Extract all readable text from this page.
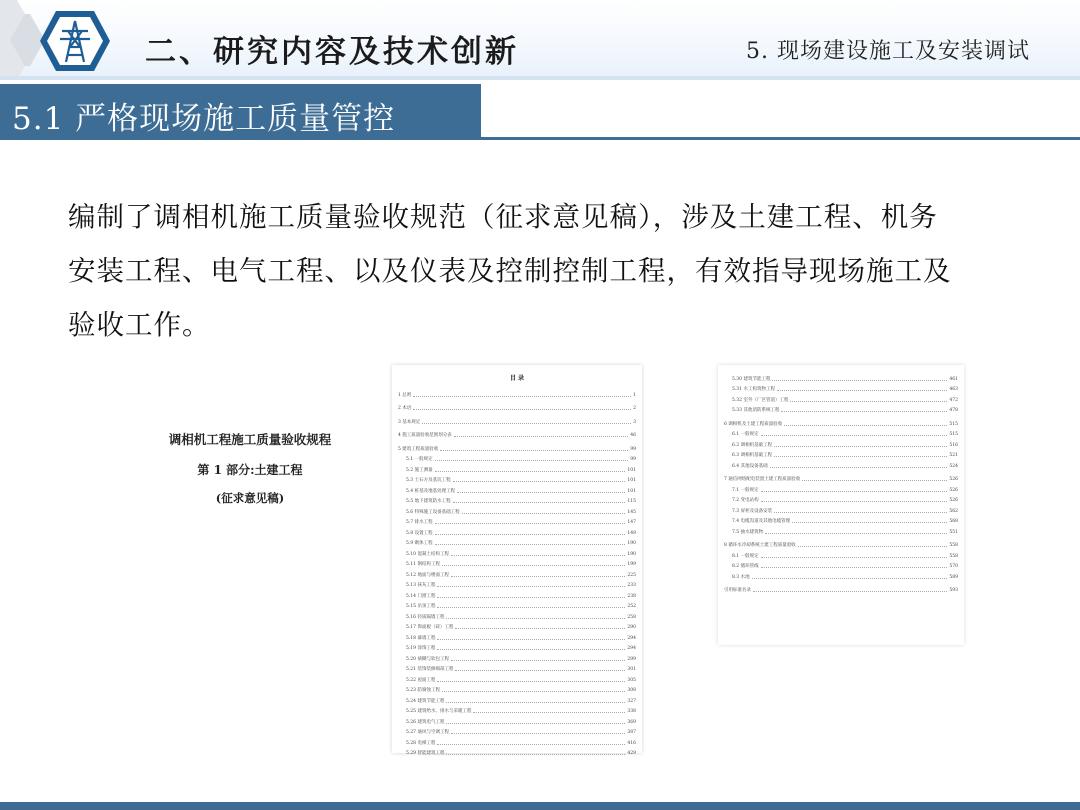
二、研究内容及技术创新	5. 现场建设施工及安装调试
5.1 严格现场施工质量管控
编制了调相机施工质量验收规范（征求意见稿），涉及土建工程、机务
安装工程、电气工程、以及仪表及控制控制工程，有效指导现场施工及
验收工作。
调相机工程施工质量验收规程
第 1 部分:土建工程
(征求意见稿)
目 录
1 总则	1
2 术语	2
3 基本规定	3
4 施工质量验收范围划分表	46
5 建筑工程质量验收	99
5.1 一般规定	99
5.2 施工测量	101
5.3 土石方及基坑工程	101
5.4 桩基及地基处理工程	101
5.5 地下建筑防水工程	115
5.6 特殊施工设备基础工程	145
5.7 排水工程	147
5.8 设置工程	149
5.9 砌体工程	190
5.10 混凝土结构工程	190
5.11 钢结构工程	199
5.12 地面与楼面工程	225
5.13 抹灰工程	233
5.14 门窗工程	238
5.15 吊顶工程	252
5.16 轻质隔墙工程	258
5.17 饰面板（砖）工程	290
5.18 幕墙工程	294
5.19 涂饰工程	294
5.20 裱糊与软包工程	299
5.21 装饰装修细部工程	301
5.22 屋面工程	305
5.23 防腐蚀工程	308
5.24 建筑节能工程	327
5.25 建筑给水、排水与采暖工程	338
5.26 建筑电气工程	369
5.27 通风与空调工程	387
5.28 电梯工程	416
5.29 智能建筑工程	429
5.30 建筑节能工程	461
5.31 水工构筑物工程	463
5.32 室外（厂区管道）工程	472
5.33 其他消防系统工程	478
6 调相机及土建工程质量验收	515
6.1 一般规定	515
6.2 调相机基础工程	516
6.3 调相机基础工程	521
6.4 其他设备基础	524
7 通信网络配电装置土建工程质量验收	526
7.1 一般规定	526
7.2 变电站构	526
7.3 屏柜及设备安装	562
7.4 电缆沟道及其他电缆管理	568
7.5 抽水建筑物	551
8 循环水冷却系统土建工程质量验收	558
8.1 一般规定	558
8.2 循环管线	570
8.3 水池	589
引用标准名录	593
